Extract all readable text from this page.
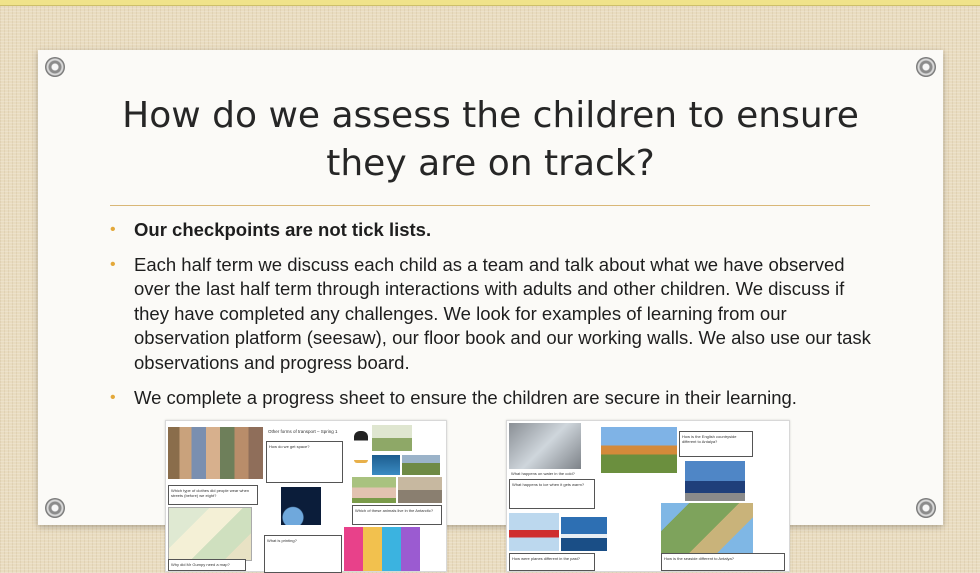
How do we assess the children to ensure they are on track?
• Our checkpoints are not tick lists.
• Each half term we discuss each child as a team and talk about what we have observed over the last half term through interactions with adults and other children. We discuss if they have completed any challenges. We look for examples of learning from our observation platform (seesaw), our floor book and our working walls. We also use our task observations and progress board.
• We complete a progress sheet to ensure the children are secure in their learning.
Other forms of transport – Spring 1
How do we get space?
Which type of clothes did people wear when streets (before) we eight?
Which of these animals live in the Antarctic?
Why did Mr Gumpy need a map?
What is printing?
How is the English countryside different to Antalya?
What happens on water in the cold?
What happens to ice when it gets warm?
How were planes different in the past?	How is the seaside different to Antalya?
